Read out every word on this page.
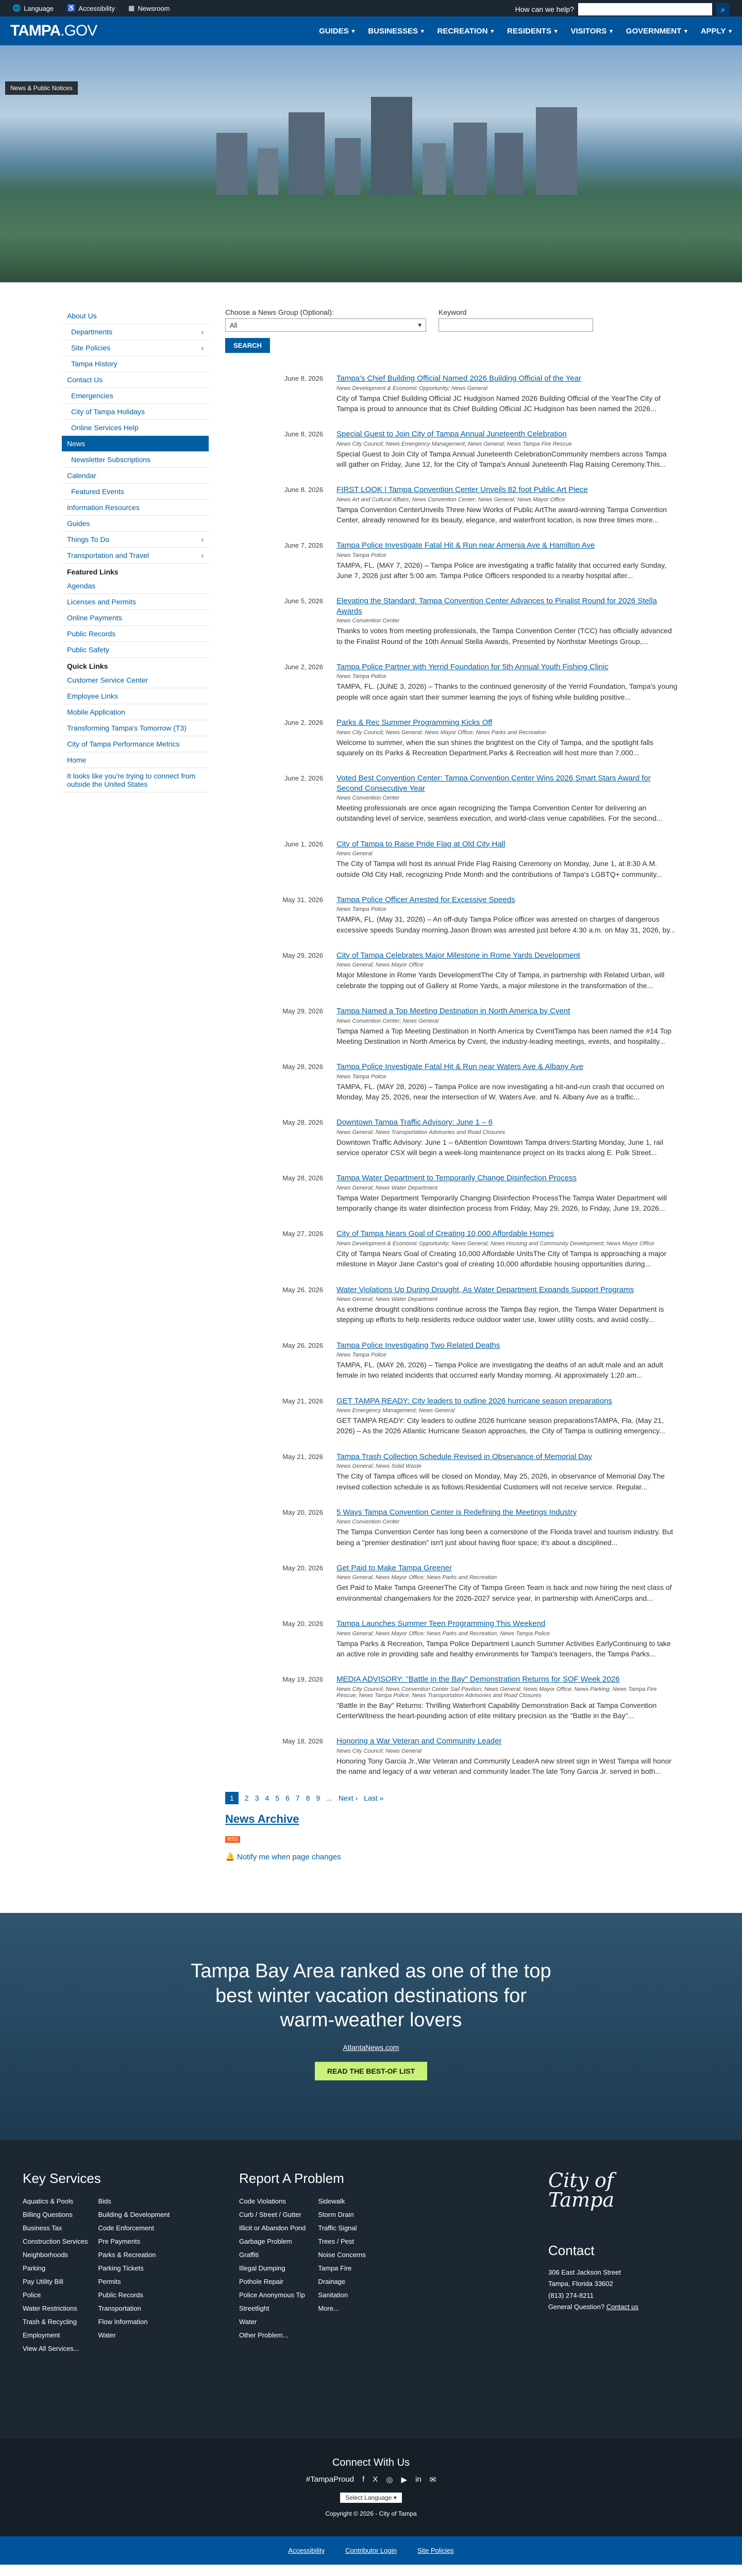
🌐 Language ♿ Accessibility ▦ Newsroom	How can we help?	⌕
TAMPA.GOV	GUIDES ▾ BUSINESSES ▾ RECREATION ▾ RESIDENTS ▾ VISITORS ▾ GOVERNMENT ▾ APPLY ▾
News & Public Notices
About Us
Departments	›
Site Policies	›
Tampa History
Contact Us
Emergencies
City of Tampa Holidays
Online Services Help
News
Newsletter Subscriptions
Calendar
Featured Events
Information Resources
Guides
Things To Do	›
Transportation and Travel	›
Featured Links
Agendas
Licenses and Permits
Online Payments
Public Records
Public Safety
Quick Links
Customer Service Center
Employee Links
Mobile Application
Transforming Tampa's Tomorrow (T3)
City of Tampa Performance Metrics
Home
It looks like you're trying to connect from outside the United States
Choose a News Group (Optional):
All	▾
Keyword
SEARCH
June 8, 2026 Tampa's Chief Building Official Named 2026 Building Official of the Year
News Development & Economic Opportunity; News General
City of Tampa Chief Building Official JC Hudgison Named 2026 Building Official of the YearThe City of Tampa is proud to announce that its Chief Building Official JC Hudgison has been named the 2026...
June 8, 2026 Special Guest to Join City of Tampa Annual Juneteenth Celebration
News City Council; News Emergency Management; News General; News Tampa Fire Rescue
Special Guest to Join City of Tampa Annual Juneteenth CelebrationCommunity members across Tampa will gather on Friday, June 12, for the City of Tampa's Annual Juneteenth Flag Raising Ceremony.This...
June 8, 2026 FIRST LOOK | Tampa Convention Center Unveils 82 foot Public Art Piece
News Art and Cultural Affairs; News Convention Center; News General; News Mayor Office
Tampa Convention CenterUnveils Three New Works of Public ArtThe award-winning Tampa Convention Center, already renowned for its beauty, elegance, and waterfront location, is now three times more...
June 7, 2026 Tampa Police Investigate Fatal Hit & Run near Armenia Ave & Hamilton Ave
News Tampa Police
TAMPA, FL. (MAY 7, 2026) – Tampa Police are investigating a traffic fatality that occurred early Sunday, June 7, 2026 just after 5:00 am. Tampa Police Officers responded to a nearby hospital after...
June 5, 2026 Elevating the Standard: Tampa Convention Center Advances to Pinalist Round for 2026 Stella Awards
News Convention Center
Thanks to votes from meeting professionals, the Tampa Convention Center (TCC) has officially advanced to the Finalist Round of the 10th Annual Stella Awards, Presented by Northstar Meetings Group,...
June 2, 2026 Tampa Police Partner with Yerrid Foundation for 5th Annual Youth Fishing Clinic
News Tampa Police
TAMPA, FL. (JUNE 3, 2026) – Thanks to the continued generosity of the Yerrid Foundation, Tampa's young people will once again start their summer learning the joys of fishing while building positive...
June 2, 2026 Parks & Rec Summer Programming Kicks Off
News City Council; News General; News Mayor Office; News Parks and Recreation
Welcome to summer, when the sun shines the brightest on the City of Tampa, and the spotlight falls squarely on its Parks & Recreation Department.Parks & Recreation will host more than 7,000...
June 2, 2026 Voted Best Convention Center: Tampa Convention Center Wins 2026 Smart Stars Award for Second Consecutive Year
News Convention Center
Meeting professionals are once again recognizing the Tampa Convention Center for delivering an outstanding level of service, seamless execution, and world-class venue capabilities. For the second...
June 1, 2026 City of Tampa to Raise Pride Flag at Old City Hall
News General
The City of Tampa will host its annual Pride Flag Raising Ceremony on Monday, June 1, at 8:30 A.M. outside Old City Hall, recognizing Pride Month and the contributions of Tampa's LGBTQ+ community...
May 31, 2026 Tampa Police Officer Arrested for Excessive Speeds
News Tampa Police
TAMPA, FL. (May 31, 2026) – An off-duty Tampa Police officer was arrested on charges of dangerous excessive speeds Sunday morning.Jason Brown was arrested just before 4:30 a.m. on May 31, 2026, by...
May 29, 2026 City of Tampa Celebrates Major Milestone in Rome Yards Development
News General; News Mayor Office
Major Milestone in Rome Yards DevelopmentThe City of Tampa, in partnership with Related Urban, will celebrate the topping out of Gallery at Rome Yards, a major milestone in the transformation of the...
May 29, 2026 Tampa Named a Top Meeting Destination in North America by Cvent
News Convention Center; News General
Tampa Named a Top Meeting Destination in North America by CventTampa has been named the #14 Top Meeting Destination in North America by Cvent, the industry-leading meetings, events, and hospitality...
May 28, 2026 Tampa Police Investigate Fatal Hit & Run near Waters Ave & Albany Ave
News Tampa Police
TAMPA, FL. (MAY 28, 2026) – Tampa Police are now investigating a hit-and-run crash that occurred on Monday, May 25, 2026, near the intersection of W. Waters Ave. and N. Albany Ave as a traffic...
May 28, 2026 Downtown Tampa Traffic Advisory: June 1 – 6
News General; News Transportation Advisories and Road Closures
Downtown Traffic Advisory: June 1 – 6Attention Downtown Tampa drivers:Starting Monday, June 1, rail service operator CSX will begin a week-long maintenance project on its tracks along E. Polk Street...
May 28, 2026 Tampa Water Department to Temporarily Change Disinfection Process
News General; News Water Department
Tampa Water Department Temporarily Changing Disinfection ProcessThe Tampa Water Department will temporarily change its water disinfection process from Friday, May 29, 2026, to Friday, June 19, 2026...
May 27, 2026 City of Tampa Nears Goal of Creating 10,000 Affordable Homes
News Development & Economic Opportunity; News General; News Housing and Community Development; News Mayor Office
City of Tampa Nears Goal of Creating 10,000 Affordable UnitsThe City of Tampa is approaching a major milestone in Mayor Jane Castor's goal of creating 10,000 affordable housing opportunities during...
May 26, 2026 Water Violations Up During Drought, As Water Department Expands Support Programs
News General; News Water Department
As extreme drought conditions continue across the Tampa Bay region, the Tampa Water Department is stepping up efforts to help residents reduce outdoor water use, lower utility costs, and avoid costly...
May 26, 2026 Tampa Police Investigating Two Related Deaths
News Tampa Police
TAMPA, FL. (MAY 26, 2026) – Tampa Police are investigating the deaths of an adult male and an adult female in two related incidents that occurred early Monday morning. At approximately 1:20 am...
May 21, 2026 GET TAMPA READY: City leaders to outline 2026 hurricane season preparations
News Emergency Management; News General
GET TAMPA READY: City leaders to outline 2026 hurricane season preparationsTAMPA, Fla. (May 21, 2026) – As the 2026 Atlantic Hurricane Season approaches, the City of Tampa is outlining emergency...
May 21, 2026 Tampa Trash Collection Schedule Revised in Observance of Memorial Day
News General; News Solid Waste
The City of Tampa offices will be closed on Monday, May 25, 2026, in observance of Memorial Day.The revised collection schedule is as follows:Residential Customers will not receive service. Regular...
May 20, 2026 5 Ways Tampa Convention Center is Redefining the Meetings Industry
News Convention Center
The Tampa Convention Center has long been a cornerstone of the Florida travel and tourism industry. But being a "premier destination" isn't just about having floor space; it's about a disciplined...
May 20, 2026 Get Paid to Make Tampa Greener
News General; News Mayor Office; News Parks and Recreation
Get Paid to Make Tampa GreenerThe City of Tampa Green Team is back and now hiring the next class of environmental changemakers for the 2026-2027 service year, in partnership with AmeriCorps and...
May 20, 2026 Tampa Launches Summer Teen Programming This Weekend
News General; News Mayor Office; News Parks and Recreation; News Tampa Police
Tampa Parks & Recreation, Tampa Police Department Launch Summer Activities EarlyContinuing to take an active role in providing safe and healthy environments for Tampa's teenagers, the Tampa Parks...
May 19, 2026 MEDIA ADVISORY: "Battle in the Bay" Demonstration Returns for SOF Week 2026
News City Council; News Convention Center Sail Pavilion; News General; News Mayor Office; News Parking; News Tampa Fire Rescue; News Tampa Police; News Transportation Advisories and Road Closures
"Battle in the Bay" Returns: Thrilling Waterfront Capability Demonstration Back at Tampa Convention CenterWitness the heart-pounding action of elite military precision as the "Battle in the Bay"...
May 18, 2026 Honoring a War Veteran and Community Leader
News City Council; News General
Honoring Tony Garcia Jr.,War Veteran and Community LeaderA new street sign in West Tampa will honor the name and legacy of a war veteran and community leader.The late Tony Garcia Jr. served in both...
1	2 3 4 5 6 7 8 9 ... Next › Last »
News Archive
RSS
🔔 Notify me when page changes
Tampa Bay Area ranked as one of the top best winter vacation destinations for warm-weather lovers
AtlantaNews.com
READ THE BEST-OF LIST
Key Services
Aquatics & Pools
Billing Questions
Business Tax
Construction Services
Neighborhoods
Parking
Pay Utility Bill
Police
Water Restrictions
Trash & Recycling
Employment
View All Services...
Bids
Building & Development
Code Enforcement
Pre Payments
Parks & Recreation
Parking Tickets
Permits
Public Records
Transportation
Flow Information
Water
Report A Problem
Code Violations
Curb / Street / Gutter
Illicit or Abandon Pond
Garbage Problem
Graffiti
Illegal Dumping
Pothole Repair
Police Anonymous Tip
Streetlight
Water
Other Problem...
Sidewalk
Storm Drain
Traffic Signal
Trees / Pest
Noise Concerns
Tampa Fire
Drainage
Sanitation
More...
City of Tampa
Contact

306 East Jackson Street

Tampa, Florida 33602

(813) 274-8211

General Question? Contact us

Connect With Us
#TampaProud f X ◎ ▶ in ✉
Select Language ▾
Copyright © 2026 - City of Tampa
Accessibility	Contributor Login	Site Policies
